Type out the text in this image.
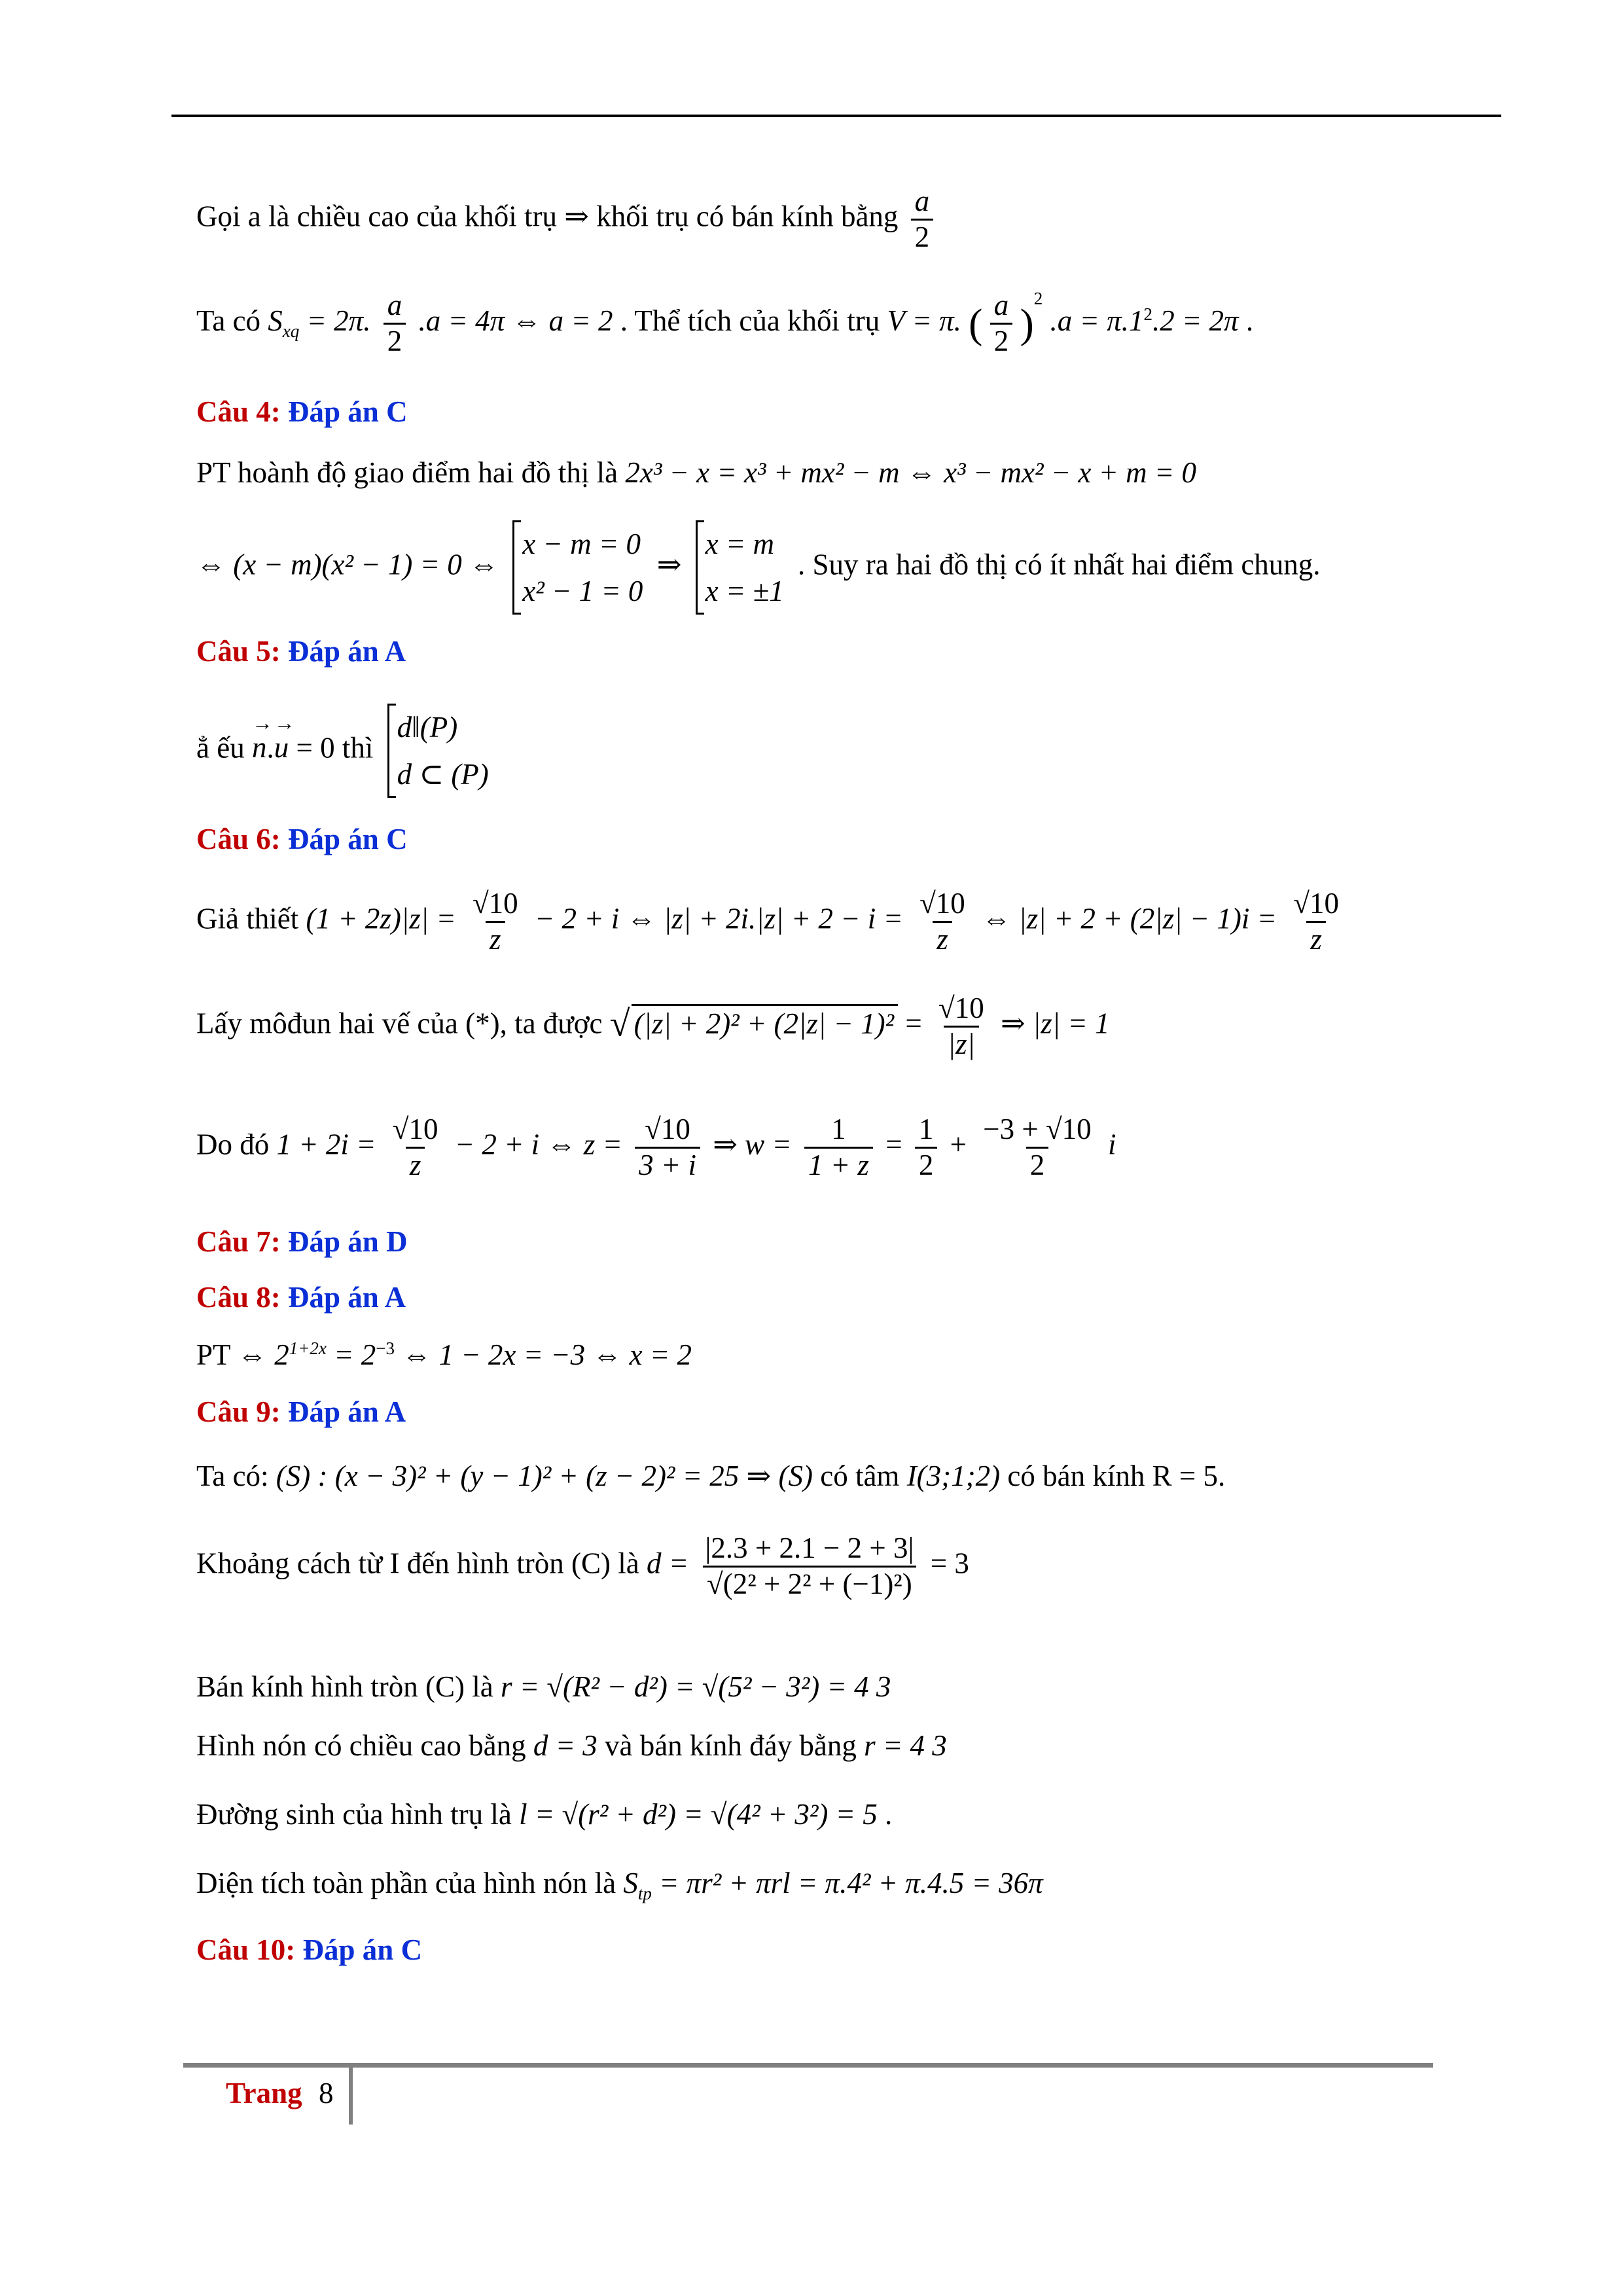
Gọi a là chiều cao của khối trụ ⇒ khối trụ có bán kính bằng $\frac{a}{2}$
Ta có $S_{xq} = 2\pi$. $\frac{a}{2} .a = 4\pi$ ⇔ a = 2 . Thể tích của khối trụ V = π. ( $\frac{a}{2} )^2$ $.a = \pi.1^2.2 = 2\pi$ .
Câu 4: Đáp án C
PT hoành độ giao điểm hai đồ thị là 2x³ − x = x³ + mx² − m ⇔ x³ − mx² − x + m = 0
⇔ (x − m)(x² − 1) = 0 ⇔
x − m = 0
x² − 1 = 0
⇒
x = m
x = ±1
. Suy ra hai đồ thị có ít nhất hai điểm chung.
Câu 5: Đáp án A
ẳ ếu n →.u → = 0 thì
d‖(P)
d ⊂ (P)
Câu 6: Đáp án C
Giả thiết $(1 + 2z)|z| = \frac{√10}{z} - 2 + i$ ⇔ $|z| + 2i.|z| + 2 - i = \frac{√10}{z}$ ⇔ $|z| + 2 + (2|z| - 1)i = \frac{√10}{z}$
Lấy môđun hai vế của (*), ta được √ $(|z| + 2)^2 + (2|z| - 1)^2 = \frac{√10}{|z|}$ ⇒ |z| = 1
Do đó $1 + 2i = \frac{√10}{z} - 2 + i$ ⇔ $z = \frac{√10}{3 + i}$ ⇒ $w = \frac{1}{1 + z} = \frac{1}{2} + \frac{-3 + √10}{2}$ i
Câu 7: Đáp án D
Câu 8: Đáp án A
PT ⇔ $2^{1+2x} = 2^{-3}$ ⇔ 1 − 2x = −3 ⇔ x = 2
Câu 9: Đáp án A
Ta có: (S) : (x − 3)² + (y − 1)² + (z − 2)² = 25 ⇒ (S) có tâm I(3;1;2) có bán kính R = 5.
Khoảng cách từ I đến hình tròn (C) là $d = \frac{|2.3 + 2.1 - 2 + 3|}{\text{√(2² + 2² + (−1)²)}} = 3$
Bán kính hình tròn (C) là r = √(R² − d²) = √(5² − 3²) = 4 3
Hình nón có chiều cao bằng d = 3 và bán kính đáy bằng r = 4 3
Đường sinh của hình trụ là l = √(r² + d²) = √(4² + 3²) = 5 .
Diện tích toàn phần của hình nón là $S_{tp} = \pi r^2 + \pi rl = \pi.4^2 + \pi.4.5 = 36\pi$
Câu 10: Đáp án C
Trang 8
